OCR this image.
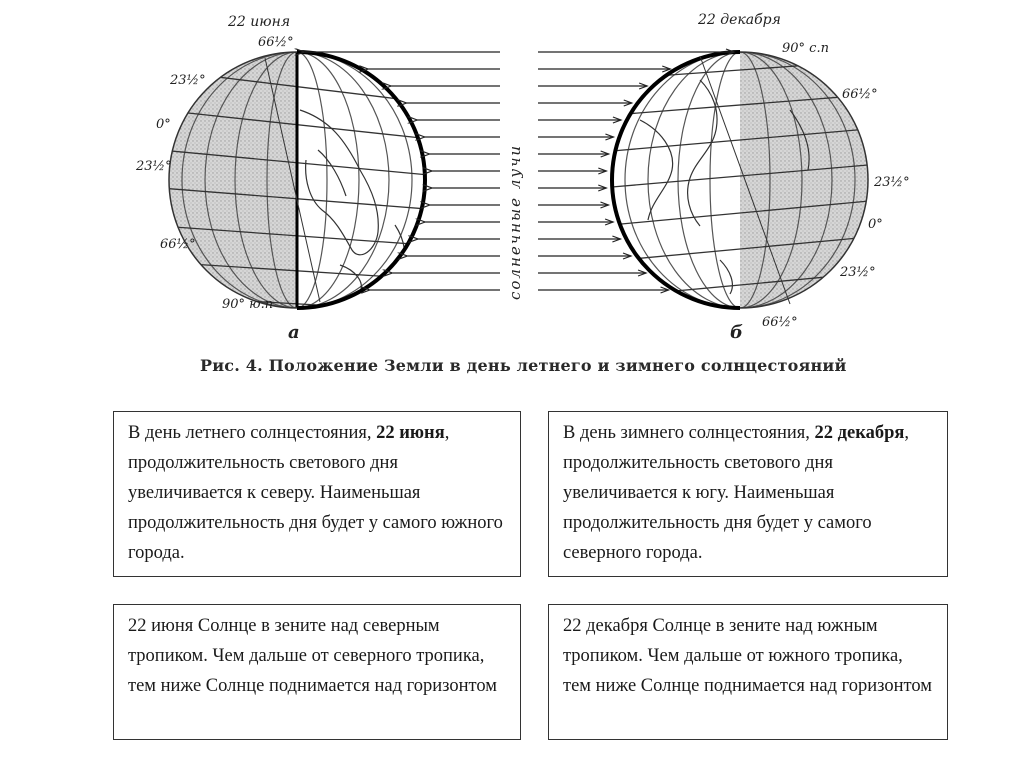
22 июня
66½°
23½°
0°
23½°
66½°
90° ю.п
а
22 декабря
90° с.п
66½°
23½°
0°
23½°
66½°
б
солнечные лучи
Рис. 4. Положение Земли в день летнего и зимнего солнцестояний
В день летнего солнцестояния, 22 июня, продолжительность светового дня увеличивается к северу. Наименьшая продолжительность дня будет у самого южного города.
В день зимнего солнцестояния, 22 декабря, продолжительность светового дня увеличивается к югу. Наименьшая продолжительность дня будет у самого северного города.
22 июня Солнце в зените над северным тропиком. Чем дальше от северного тропика, тем ниже Солнце поднимается над горизонтом
22 декабря Солнце в зените над южным тропиком. Чем дальше от южного тропика, тем ниже Солнце поднимается над горизонтом
